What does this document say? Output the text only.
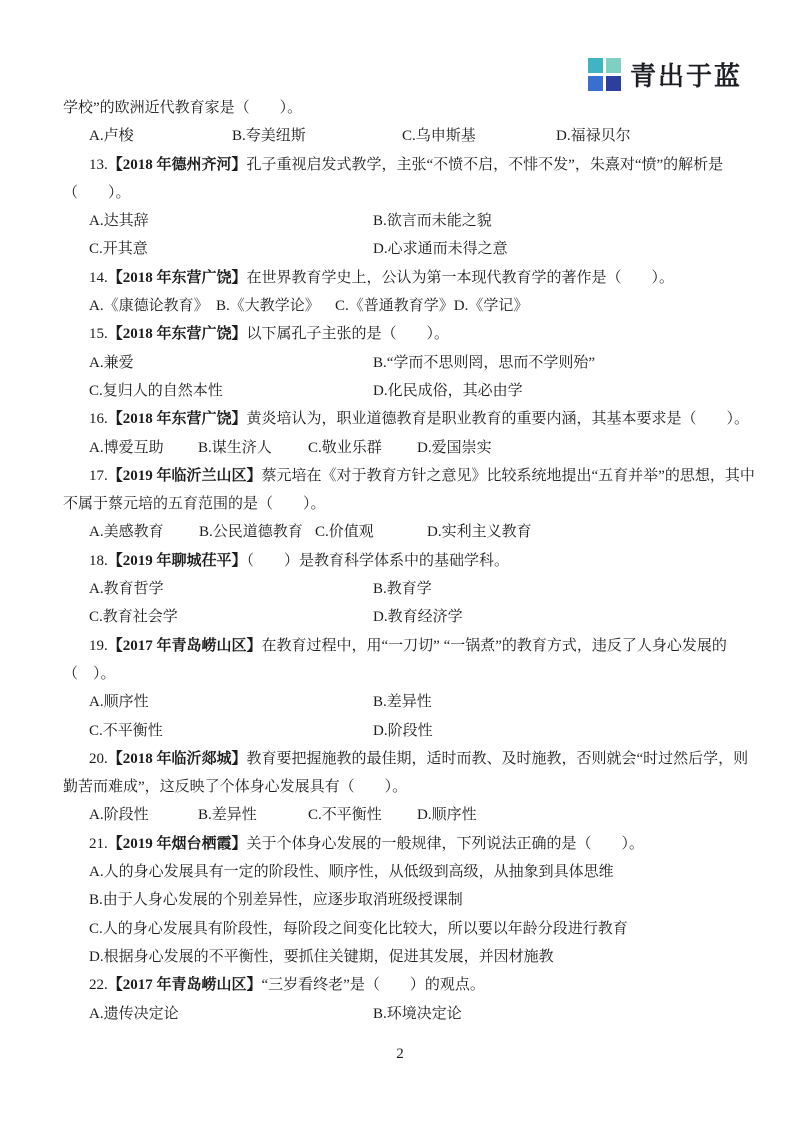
青出于蓝
学校”的欧洲近代教育家是（　　）。
A.卢梭	B.夸美纽斯	C.乌申斯基	D.福禄贝尔
13.【2018 年德州齐河】孔子重视启发式教学，主张“不愤不启，不悱不发”，朱熹对“愤”的解析是
（　　）。
A.达其辞	B.欲言而未能之貌
C.开其意	D.心求通而未得之意
14.【2018 年东营广饶】在世界教育学史上，公认为第一本现代教育学的著作是（　　）。
A.《康德论教育》 B.《大教学论》	C.《普通教育学》 D.《学记》
15.【2018 年东营广饶】以下属孔子主张的是（　　）。
A.兼爱	B.“学而不思则罔，思而不学则殆”
C.复归人的自然本性	D.化民成俗，其必由学
16.【2018 年东营广饶】黄炎培认为，职业道德教育是职业教育的重要内涵，其基本要求是（　　）。
A.博爱互助	B.谋生济人	C.敬业乐群	D.爱国崇实
17.【2019 年临沂兰山区】蔡元培在《对于教育方针之意见》比较系统地提出“五育并举”的思想，其中
不属于蔡元培的五育范围的是（　　）。
A.美感教育	B.公民道德教育 C.价值观	D.实利主义教育
18.【2019 年聊城茌平】（　　）是教育科学体系中的基础学科。
A.教育哲学	B.教育学
C.教育社会学	D.教育经济学
19.【2017 年青岛崂山区】在教育过程中，用“一刀切” “一锅煮”的教育方式，违反了人身心发展的
（　）。
A.顺序性	B.差异性
C.不平衡性	D.阶段性
20.【2018 年临沂郯城】教育要把握施教的最佳期，适时而教、及时施教，否则就会“时过然后学，则
勤苦而难成”，这反映了个体身心发展具有（　　）。
A.阶段性	B.差异性	C.不平衡性	D.顺序性
21.【2019 年烟台栖霞】关于个体身心发展的一般规律，下列说法正确的是（　　）。
A.人的身心发展具有一定的阶段性、顺序性，从低级到高级，从抽象到具体思维
B.由于人身心发展的个别差异性，应逐步取消班级授课制
C.人的身心发展具有阶段性，每阶段之间变化比较大，所以要以年龄分段进行教育
D.根据身心发展的不平衡性，要抓住关键期，促进其发展，并因材施教
22.【2017 年青岛崂山区】“三岁看终老”是（　　）的观点。
A.遗传决定论	B.环境决定论
2
